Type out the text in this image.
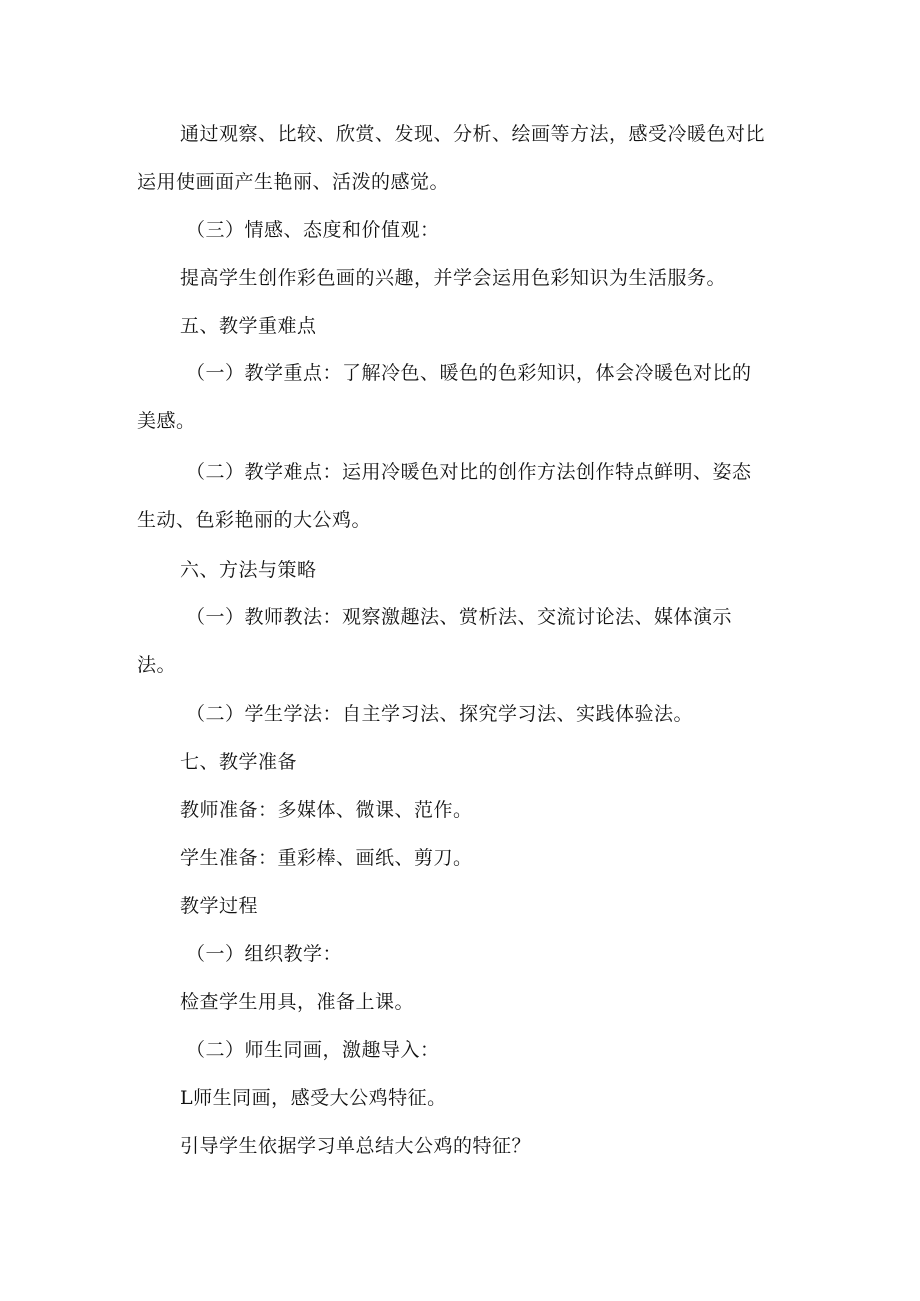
通过观察、比较、欣赏、发现、分析、绘画等方法，感受冷暖色对比
运用使画面产生艳丽、活泼的感觉。
（三）情感、态度和价值观：
提高学生创作彩色画的兴趣，并学会运用色彩知识为生活服务。
五、教学重难点
（一）教学重点：了解冷色、暖色的色彩知识，体会冷暖色对比的
美感。
（二）教学难点：运用冷暖色对比的创作方法创作特点鲜明、姿态
生动、色彩艳丽的大公鸡。
六、方法与策略
（一）教师教法：观察激趣法、赏析法、交流讨论法、媒体演示
法。
（二）学生学法：自主学习法、探究学习法、实践体验法。
七、教学准备
教师准备：多媒体、微课、范作。
学生准备：重彩棒、画纸、剪刀。
教学过程
（一）组织教学：
检查学生用具，准备上课。
（二）师生同画，激趣导入：
L师生同画，感受大公鸡特征。
引导学生依据学习单总结大公鸡的特征？
